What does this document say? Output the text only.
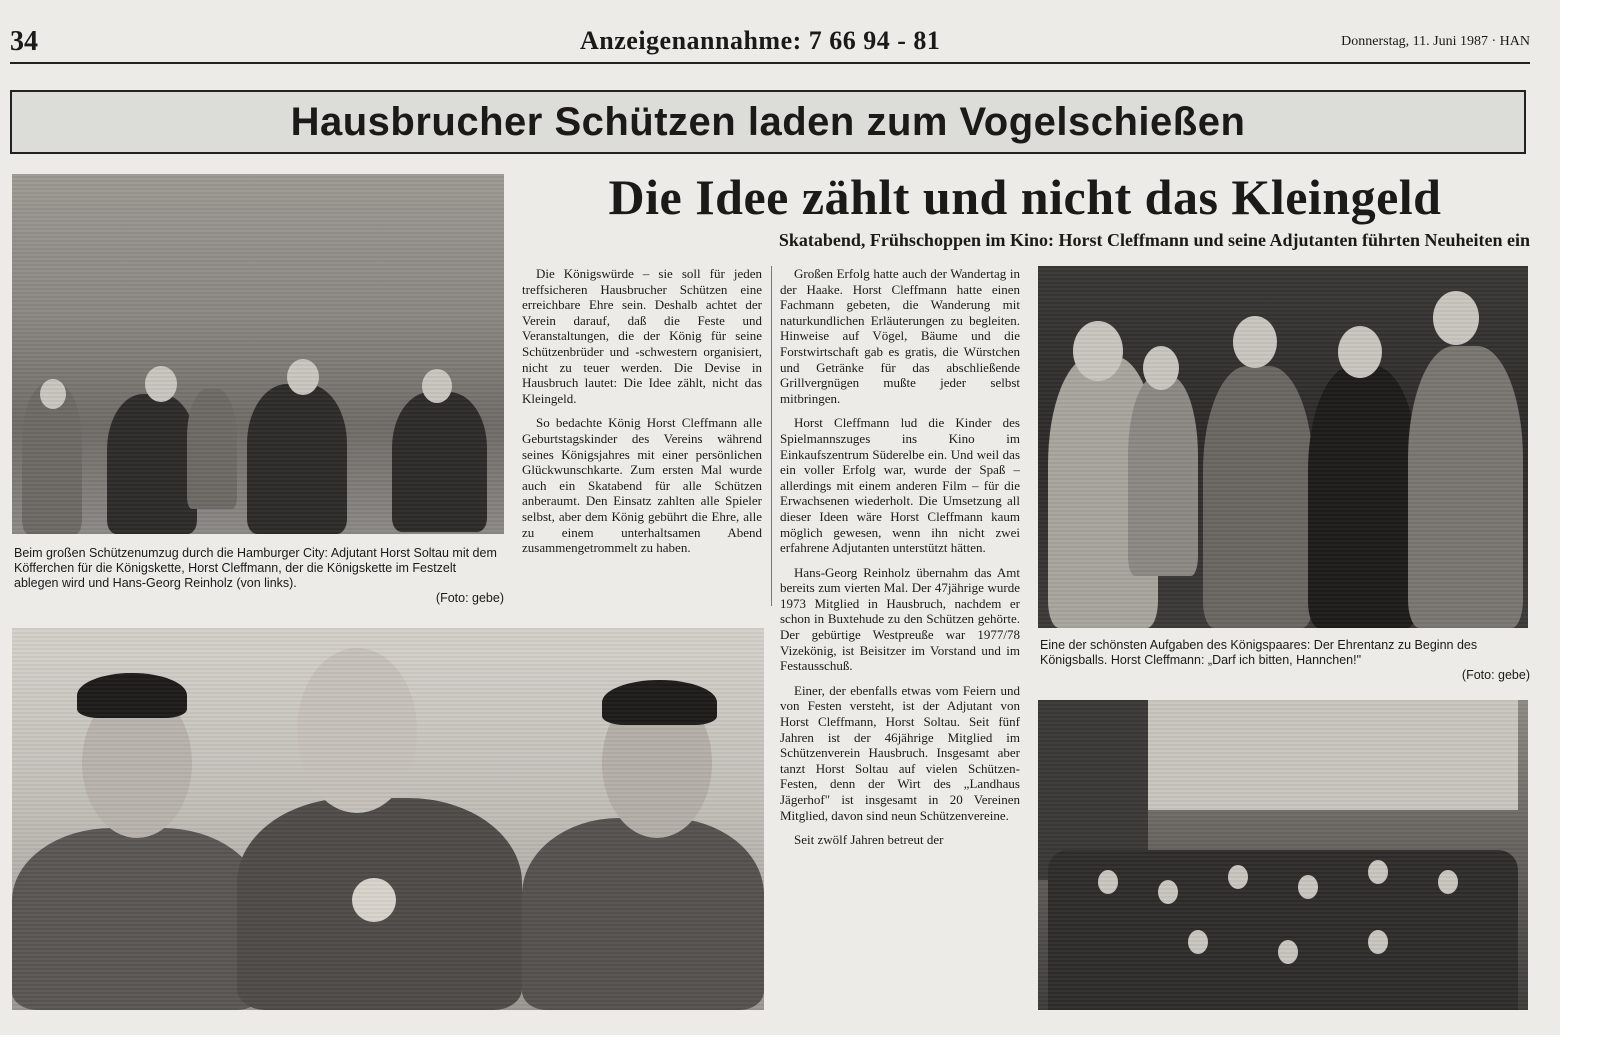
34	Anzeigenannahme: 7 66 94 - 81	Donnerstag, 11. Juni 1987 · HAN
Hausbrucher Schützen laden zum Vogelschießen
Beim großen Schützenumzug durch die Hamburger City: Adjutant Horst Soltau mit dem Köfferchen für die Königskette, Horst Cleffmann, der die Königskette im Festzelt ablegen wird und Hans-Georg Reinholz (von links).
(Foto: gebe)
Die Idee zählt und nicht das Kleingeld
Skatabend, Frühschoppen im Kino: Horst Cleffmann und seine Adjutanten führten Neuheiten ein

Die Königswürde – sie soll für jeden treffsicheren Hausbrucher Schützen eine erreichbare Ehre sein. Deshalb achtet der Verein darauf, daß die Feste und Veranstaltungen, die der König für seine Schützenbrüder und -schwestern organisiert, nicht zu teuer werden. Die Devise in Hausbruch lautet: Die Idee zählt, nicht das Kleingeld.

So bedachte König Horst Cleffmann alle Geburtstagskinder des Vereins während seines Königsjahres mit einer persönlichen Glückwunschkarte. Zum ersten Mal wurde auch ein Skatabend für alle Schützen anberaumt. Den Einsatz zahlten alle Spieler selbst, aber dem König gebührt die Ehre, alle zu einem unterhaltsamen Abend zusammengetrommelt zu haben.

Großen Erfolg hatte auch der Wandertag in der Haake. Horst Cleffmann hatte einen Fachmann gebeten, die Wanderung mit naturkundlichen Erläuterungen zu begleiten. Hinweise auf Vögel, Bäume und die Forstwirtschaft gab es gratis, die Würstchen und Getränke für das abschließende Grillvergnügen mußte jeder selbst mitbringen.

Horst Cleffmann lud die Kinder des Spielmannszuges ins Kino im Einkaufszentrum Süderelbe ein. Und weil das ein voller Erfolg war, wurde der Spaß – allerdings mit einem anderen Film – für die Erwachsenen wiederholt. Die Umsetzung all dieser Ideen wäre Horst Cleffmann kaum möglich gewesen, wenn ihn nicht zwei erfahrene Adjutanten unterstützt hätten.

Hans-Georg Reinholz übernahm das Amt bereits zum vierten Mal. Der 47jährige wurde 1973 Mitglied in Hausbruch, nachdem er schon in Buxtehude zu den Schützen gehörte. Der gebürtige Westpreuße war 1977/78 Vizekönig, ist Beisitzer im Vorstand und im Festausschuß.

Einer, der ebenfalls etwas vom Feiern und von Festen versteht, ist der Adjutant von Horst Cleffmann, Horst Soltau. Seit fünf Jahren ist der 46jährige Mitglied im Schützenverein Hausbruch. Insgesamt aber tanzt Horst Soltau auf vielen Schützen-Festen, denn der Wirt des „Landhaus Jägerhof" ist insgesamt in 20 Vereinen Mitglied, davon sind neun Schützenvereine.

Seit zwölf Jahren betreut der

Eine der schönsten Aufgaben des Königspaares: Der Ehrentanz zu Beginn des Königsballs. Horst Cleffmann: „Darf ich bitten, Hannchen!"
(Foto: gebe)
